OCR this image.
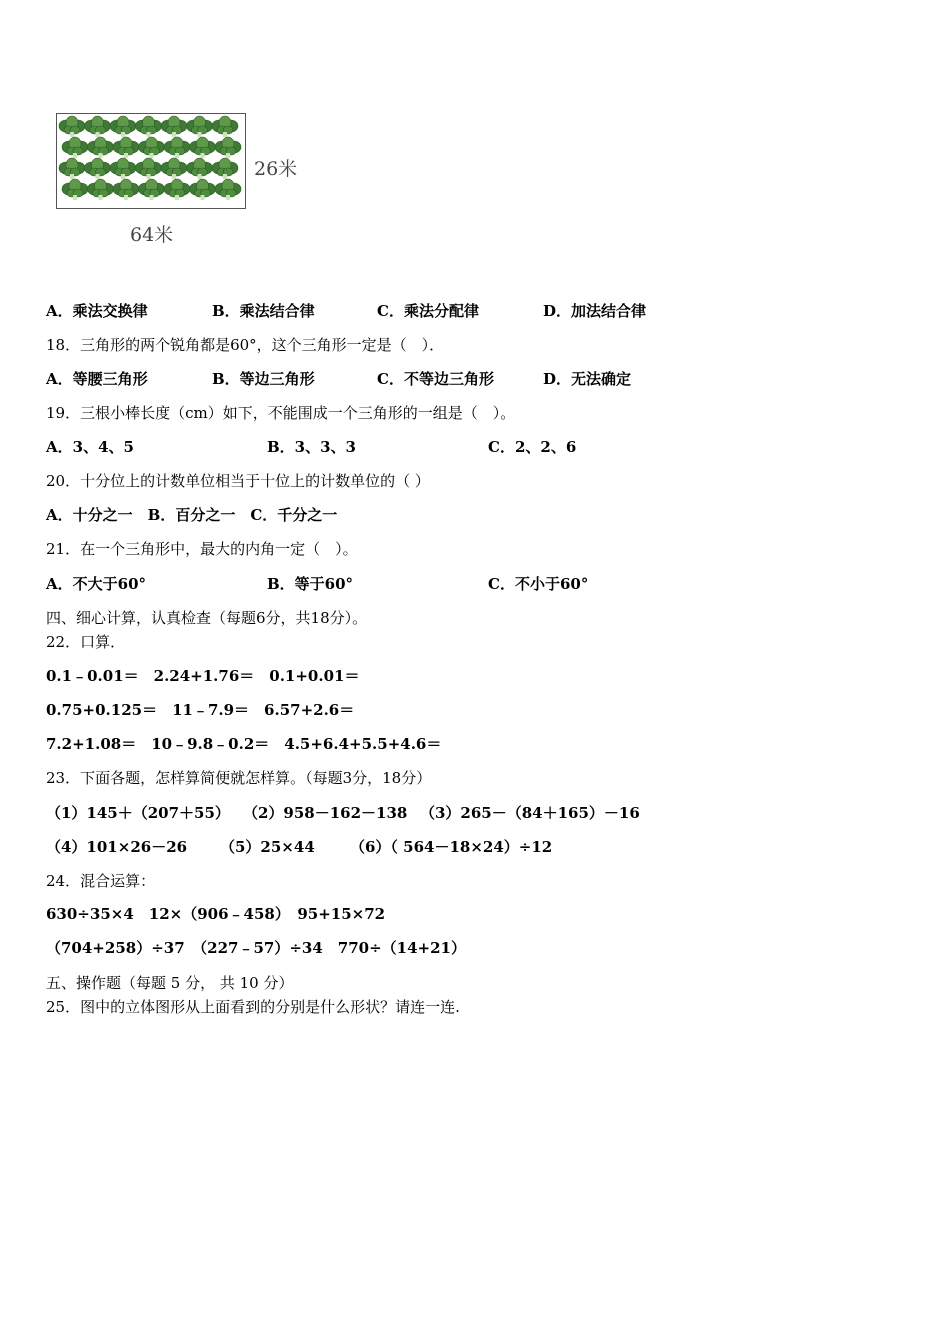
26米
64米
A．乘法交换律	B．乘法结合律	C．乘法分配律	D．加法结合律
18．三角形的两个锐角都是60°，这个三角形一定是（　）．
A．等腰三角形	B．等边三角形	C．不等边三角形	D．无法确定
19．三根小棒长度（cm）如下，不能围成一个三角形的一组是（　）。
A．3、4、5	B．3、3、3	C．2、2、6
20．十分位上的计数单位相当于十位上的计数单位的（ ）
A．十分之一　B．百分之一　C．千分之一
21．在一个三角形中，最大的内角一定（　）。
A．不大于60°	B．等于60°	C．不小于60°
四、细心计算，认真检查（每题6分，共18分）。
22．口算．
0.1﹣0.01＝　2.24+1.76＝　0.1+0.01＝
0.75+0.125＝　11﹣7.9＝　6.57+2.6＝
7.2+1.08＝　10﹣9.8﹣0.2＝　4.5+6.4+5.5+4.6＝
23．下面各题，怎样算简便就怎样算。（每题3分，18分）
（1）145＋（207＋55） （2）958－162－138 （3）265－（84＋165）－16
（4）101×26－26 （5）25×44 （6）（ 564－18×24）÷12
24．混合运算：
630÷35×4　12×（906﹣458）　95+15×72
（704+258）÷37　（227﹣57）÷34　770÷（14+21）
五、操作题（每题 5 分， 共 10 分）
25．图中的立体图形从上面看到的分别是什么形状？请连一连.
